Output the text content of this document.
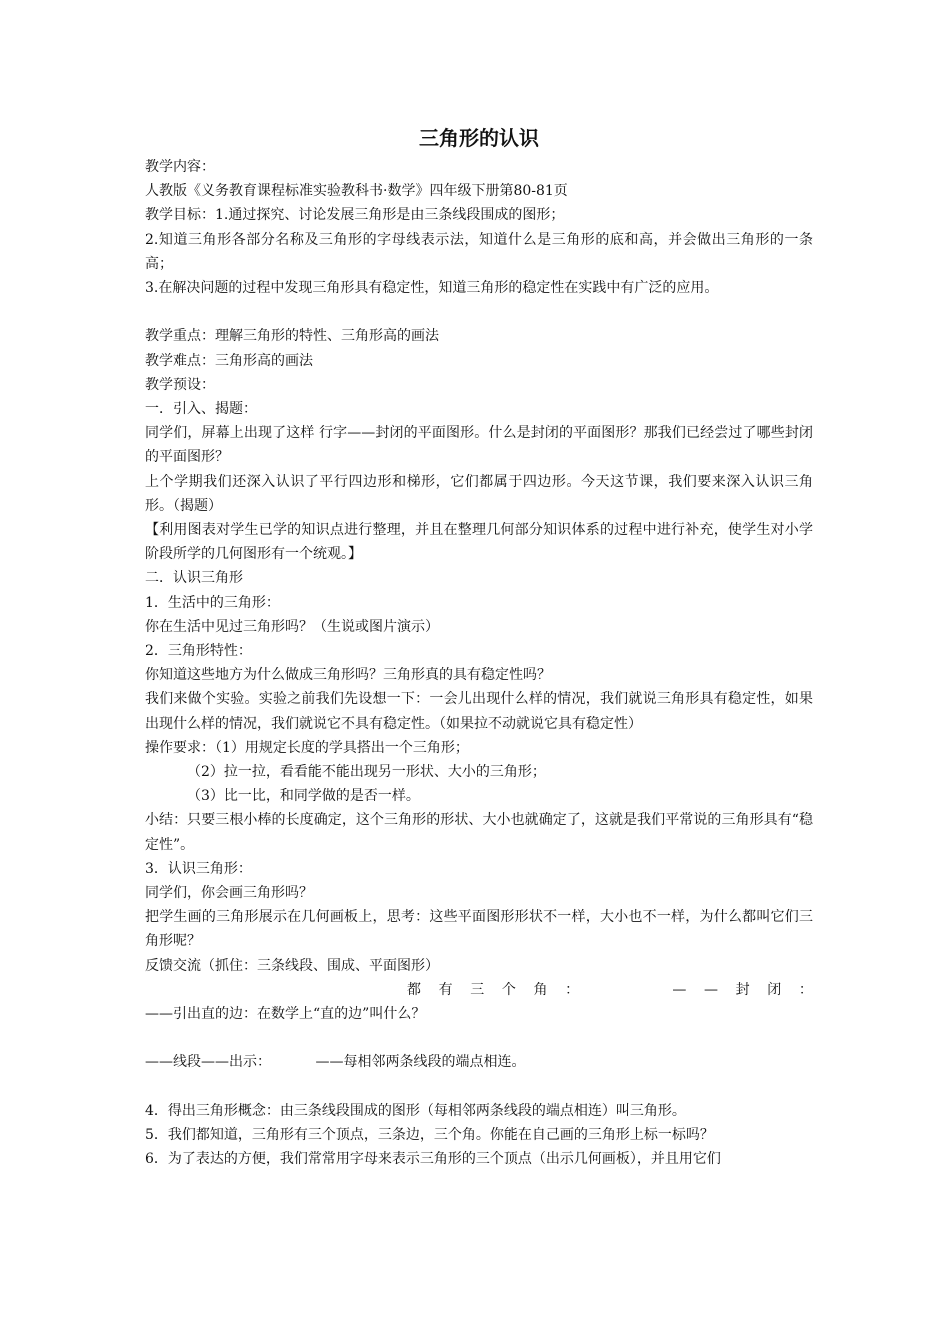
三角形的认识
教学内容：
人教版《义务教育课程标准实验教科书·数学》四年级下册第80-81页
教学目标：1.通过探究、讨论发展三角形是由三条线段围成的图形；
2.知道三角形各部分名称及三角形的字母线表示法，知道什么是三角形的底和高，并会做出三角形的一条高；
3.在解决问题的过程中发现三角形具有稳定性，知道三角形的稳定性在实践中有广泛的应用。
教学重点：理解三角形的特性、三角形高的画法
教学难点：三角形高的画法
教学预设：
一．引入、揭题：
同学们，屏幕上出现了这样 行字——封闭的平面图形。什么是封闭的平面图形？那我们已经尝过了哪些封闭的平面图形？
上个学期我们还深入认识了平行四边形和梯形，它们都属于四边形。今天这节课，我们要来深入认识三角形。（揭题）
【利用图表对学生已学的知识点进行整理，并且在整理几何部分知识体系的过程中进行补充，使学生对小学阶段所学的几何图形有一个统观。】
二．认识三角形
1．生活中的三角形：
你在生活中见过三角形吗？（生说或图片演示）
2．三角形特性：
你知道这些地方为什么做成三角形吗？三角形真的具有稳定性吗？
我们来做个实验。实验之前我们先设想一下：一会儿出现什么样的情况，我们就说三角形具有稳定性，如果出现什么样的情况，我们就说它不具有稳定性。（如果拉不动就说它具有稳定性）
操作要求：（1）用规定长度的学具搭出一个三角形；
（2）拉一拉，看看能不能出现另一形状、大小的三角形；
（3）比一比，和同学做的是否一样。
小结：只要三根小棒的长度确定，这个三角形的形状、大小也就确定了，这就是我们平常说的三角形具有“稳定性”。
3．认识三角形：
同学们，你会画三角形吗？
把学生画的三角形展示在几何画板上，思考：这些平面图形形状不一样，大小也不一样，为什么都叫它们三角形呢？
反馈交流（抓住：三条线段、围成、平面图形）
都 有 三 个 角 ：	— — 封 闭 ：
——引出直的边：在数学上“直的边”叫什么？
——线段——出示：          ——每相邻两条线段的端点相连。
4．得出三角形概念：由三条线段围成的图形（每相邻两条线段的端点相连）叫三角形。
5．我们都知道，三角形有三个顶点，三条边，三个角。你能在自己画的三角形上标一标吗？
6．为了表达的方便，我们常常用字母来表示三角形的三个顶点（出示几何画板），并且用它们
